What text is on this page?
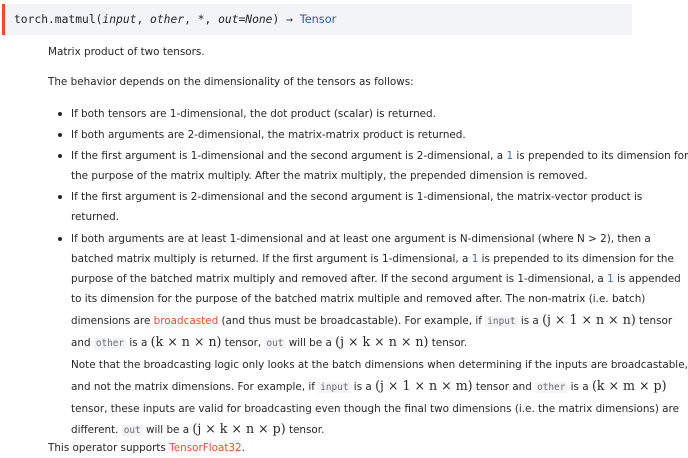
torch.matmul(input, other, *, out=None) → Tensor
Matrix product of two tensors.
The behavior depends on the dimensionality of the tensors as follows:
If both tensors are 1-dimensional, the dot product (scalar) is returned.
If both arguments are 2-dimensional, the matrix-matrix product is returned.
If the first argument is 1-dimensional and the second argument is 2-dimensional, a 1 is prepended to its dimension for
the purpose of the matrix multiply. After the matrix multiply, the prepended dimension is removed.
If the first argument is 2-dimensional and the second argument is 1-dimensional, the matrix-vector product is
returned.
If both arguments are at least 1-dimensional and at least one argument is N-dimensional (where N > 2), then a
batched matrix multiply is returned. If the first argument is 1-dimensional, a 1 is prepended to its dimension for the
purpose of the batched matrix multiply and removed after. If the second argument is 1-dimensional, a 1 is appended
to its dimension for the purpose of the batched matrix multiple and removed after. The non-matrix (i.e. batch)
dimensions are broadcasted (and thus must be broadcastable). For example, if input is a (j × 1 × n × n) tensor
and other is a (k × n × n) tensor, out will be a (j × k × n × n) tensor.
Note that the broadcasting logic only looks at the batch dimensions when determining if the inputs are broadcastable,
and not the matrix dimensions. For example, if input is a (j × 1 × n × m) tensor and other is a (k × m × p)
tensor, these inputs are valid for broadcasting even though the final two dimensions (i.e. the matrix dimensions) are
different. out will be a (j × k × n × p) tensor.
This operator supports TensorFloat32.
